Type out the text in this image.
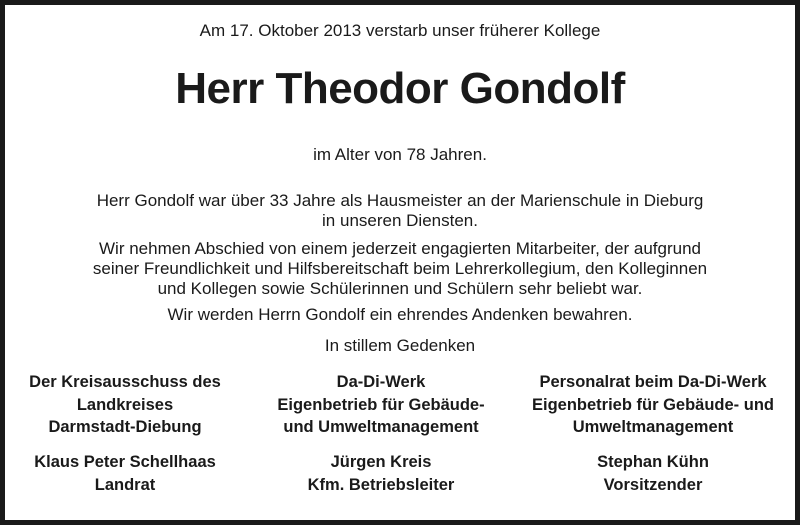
Am 17. Oktober 2013 verstarb unser früherer Kollege
Herr Theodor Gondolf
im Alter von 78 Jahren.
Herr Gondolf war über 33 Jahre als Hausmeister an der Marienschule in Dieburg
in unseren Diensten.
Wir nehmen Abschied von einem jederzeit engagierten Mitarbeiter, der aufgrund
seiner Freundlichkeit und Hilfsbereitschaft beim Lehrerkollegium, den Kolleginnen
und Kollegen sowie Schülerinnen und Schülern sehr beliebt war.
Wir werden Herrn Gondolf ein ehrendes Andenken bewahren.
In stillem Gedenken
Der Kreisausschuss des
Landkreises
Darmstadt-Diebung
Da-Di-Werk
Eigenbetrieb für Gebäude-
und Umweltmanagement
Personalrat beim Da-Di-Werk
Eigenbetrieb für Gebäude- und
Umweltmanagement
Klaus Peter Schellhaas
Landrat
Jürgen Kreis
Kfm. Betriebsleiter
Stephan Kühn
Vorsitzender
